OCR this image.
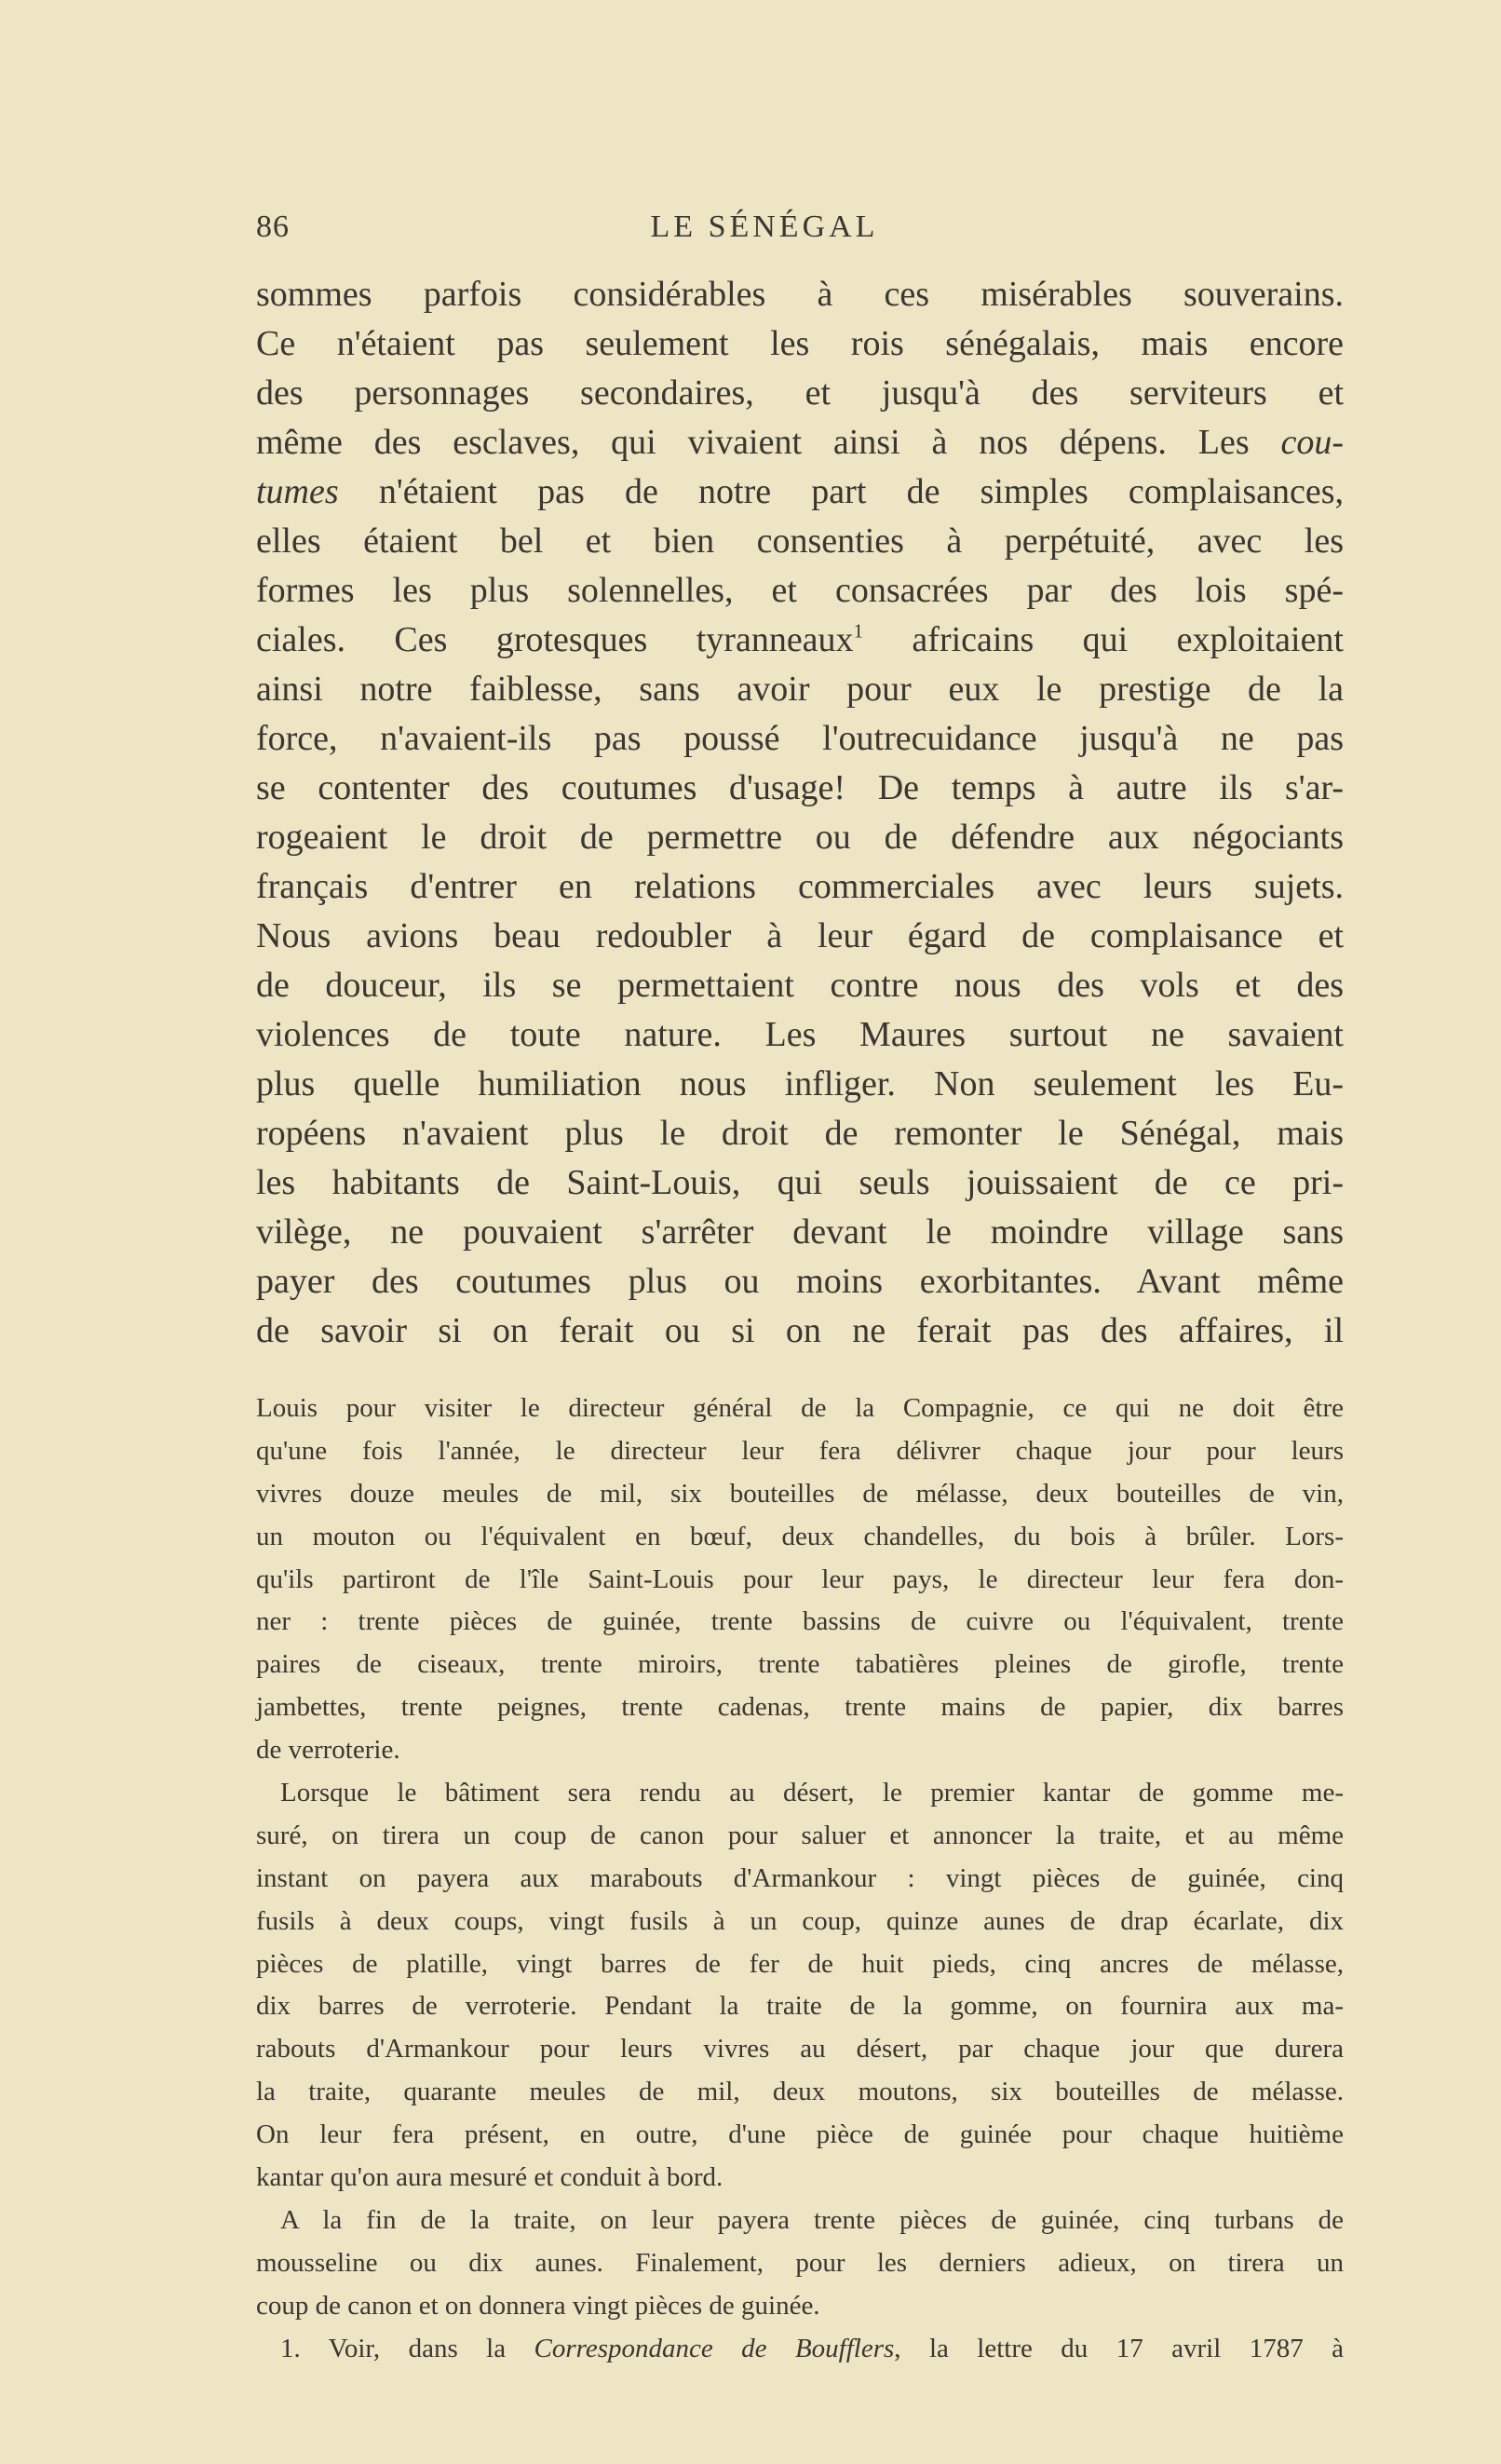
86	LE SÉNÉGAL
sommes parfois considérables à ces misérables souverains.
Ce n'étaient pas seulement les rois sénégalais, mais encore
des personnages secondaires, et jusqu'à des serviteurs et
même des esclaves, qui vivaient ainsi à nos dépens. Les cou-
tumes n'étaient pas de notre part de simples complaisances,
elles étaient bel et bien consenties à perpétuité, avec les
formes les plus solennelles, et consacrées par des lois spé-
ciales. Ces grotesques tyranneaux$^1$ africains qui exploitaient
ainsi notre faiblesse, sans avoir pour eux le prestige de la
force, n'avaient-ils pas poussé l'outrecuidance jusqu'à ne pas
se contenter des coutumes d'usage! De temps à autre ils s'ar-
rogeaient le droit de permettre ou de défendre aux négociants
français d'entrer en relations commerciales avec leurs sujets.
Nous avions beau redoubler à leur égard de complaisance et
de douceur, ils se permettaient contre nous des vols et des
violences de toute nature. Les Maures surtout ne savaient
plus quelle humiliation nous infliger. Non seulement les Eu-
ropéens n'avaient plus le droit de remonter le Sénégal, mais
les habitants de Saint-Louis, qui seuls jouissaient de ce pri-
vilège, ne pouvaient s'arrêter devant le moindre village sans
payer des coutumes plus ou moins exorbitantes. Avant même
de savoir si on ferait ou si on ne ferait pas des affaires, il
Louis pour visiter le directeur général de la Compagnie, ce qui ne doit être
qu'une fois l'année, le directeur leur fera délivrer chaque jour pour leurs
vivres douze meules de mil, six bouteilles de mélasse, deux bouteilles de vin,
un mouton ou l'équivalent en bœuf, deux chandelles, du bois à brûler. Lors-
qu'ils partiront de l'île Saint-Louis pour leur pays, le directeur leur fera don-
ner : trente pièces de guinée, trente bassins de cuivre ou l'équivalent, trente
paires de ciseaux, trente miroirs, trente tabatières pleines de girofle, trente
jambettes, trente peignes, trente cadenas, trente mains de papier, dix barres
de verroterie.
Lorsque le bâtiment sera rendu au désert, le premier kantar de gomme me-
suré, on tirera un coup de canon pour saluer et annoncer la traite, et au même
instant on payera aux marabouts d'Armankour : vingt pièces de guinée, cinq
fusils à deux coups, vingt fusils à un coup, quinze aunes de drap écarlate, dix
pièces de platille, vingt barres de fer de huit pieds, cinq ancres de mélasse,
dix barres de verroterie. Pendant la traite de la gomme, on fournira aux ma-
rabouts d'Armankour pour leurs vivres au désert, par chaque jour que durera
la traite, quarante meules de mil, deux moutons, six bouteilles de mélasse.
On leur fera présent, en outre, d'une pièce de guinée pour chaque huitième
kantar qu'on aura mesuré et conduit à bord.
A la fin de la traite, on leur payera trente pièces de guinée, cinq turbans de
mousseline ou dix aunes. Finalement, pour les derniers adieux, on tirera un
coup de canon et on donnera vingt pièces de guinée.
1. Voir, dans la Correspondance de Boufflers, la lettre du 17 avril 1787 à
